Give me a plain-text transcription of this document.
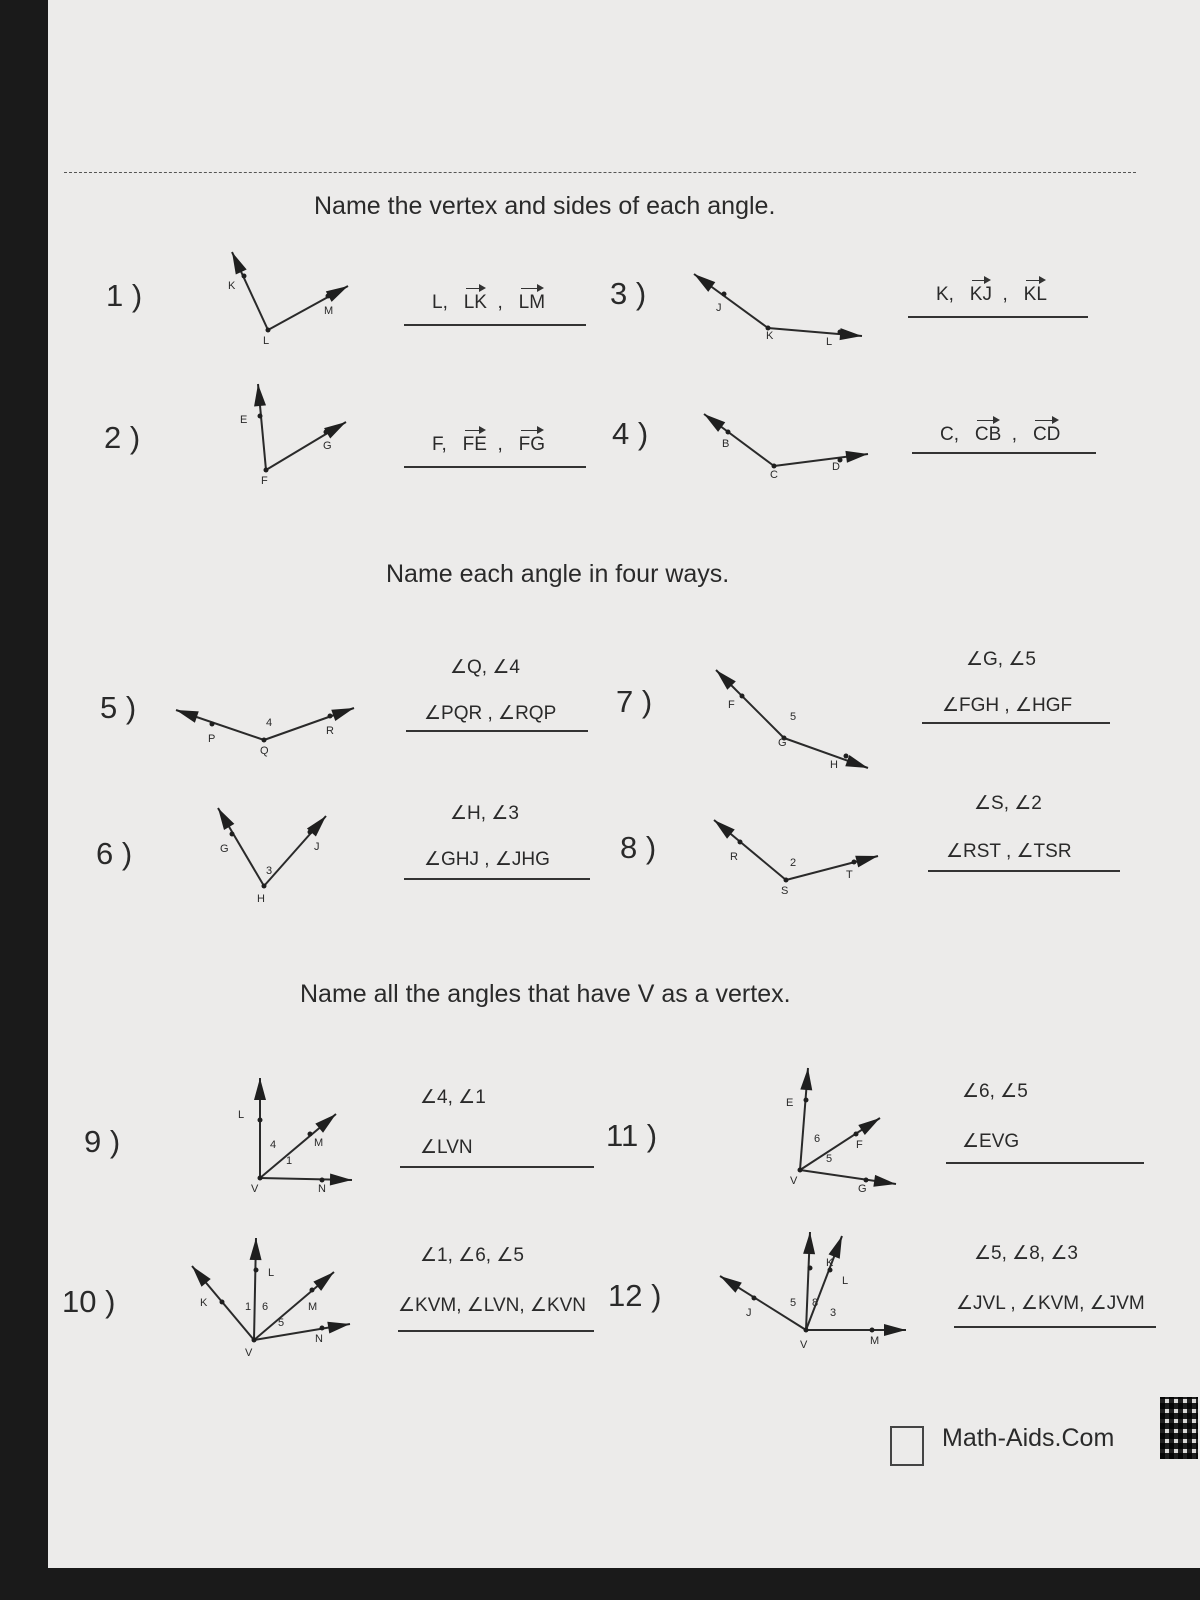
Name the vertex and sides of each angle.
Name each angle in four ways.
Name all the angles that have V as a vertex.
1 )
2 )
3 )
4 )
5 )
6 )
7 )
8 )
9 )
10 )
11 )
12 )
L, LK  ,   LM
F, FE  ,   FG
K, KJ  ,   KL
C, CB  ,   CD
∠Q, ∠4
∠PQR , ∠RQP
∠H, ∠3
∠GHJ , ∠JHG
∠G, ∠5
∠FGH , ∠HGF
∠S, ∠2
∠RST , ∠TSR
∠4, ∠1
∠LVN
∠1, ∠6, ∠5
∠KVM, ∠LVN, ∠KVN
∠6, ∠5
∠EVG
∠5, ∠8, ∠3
∠JVL , ∠KVM, ∠JVM
K
L
M
E
F
G
J
K	L
B
C
D
P
Q
R
4
G
H
J
3
F
G
H
5
R
S
T
2
L
V
M
N
4
1
K
L
V
M
N
1 6
5
E
V
F
G
6
5
J
K
L
V	M
5 8
3
Math-Aids.Com
